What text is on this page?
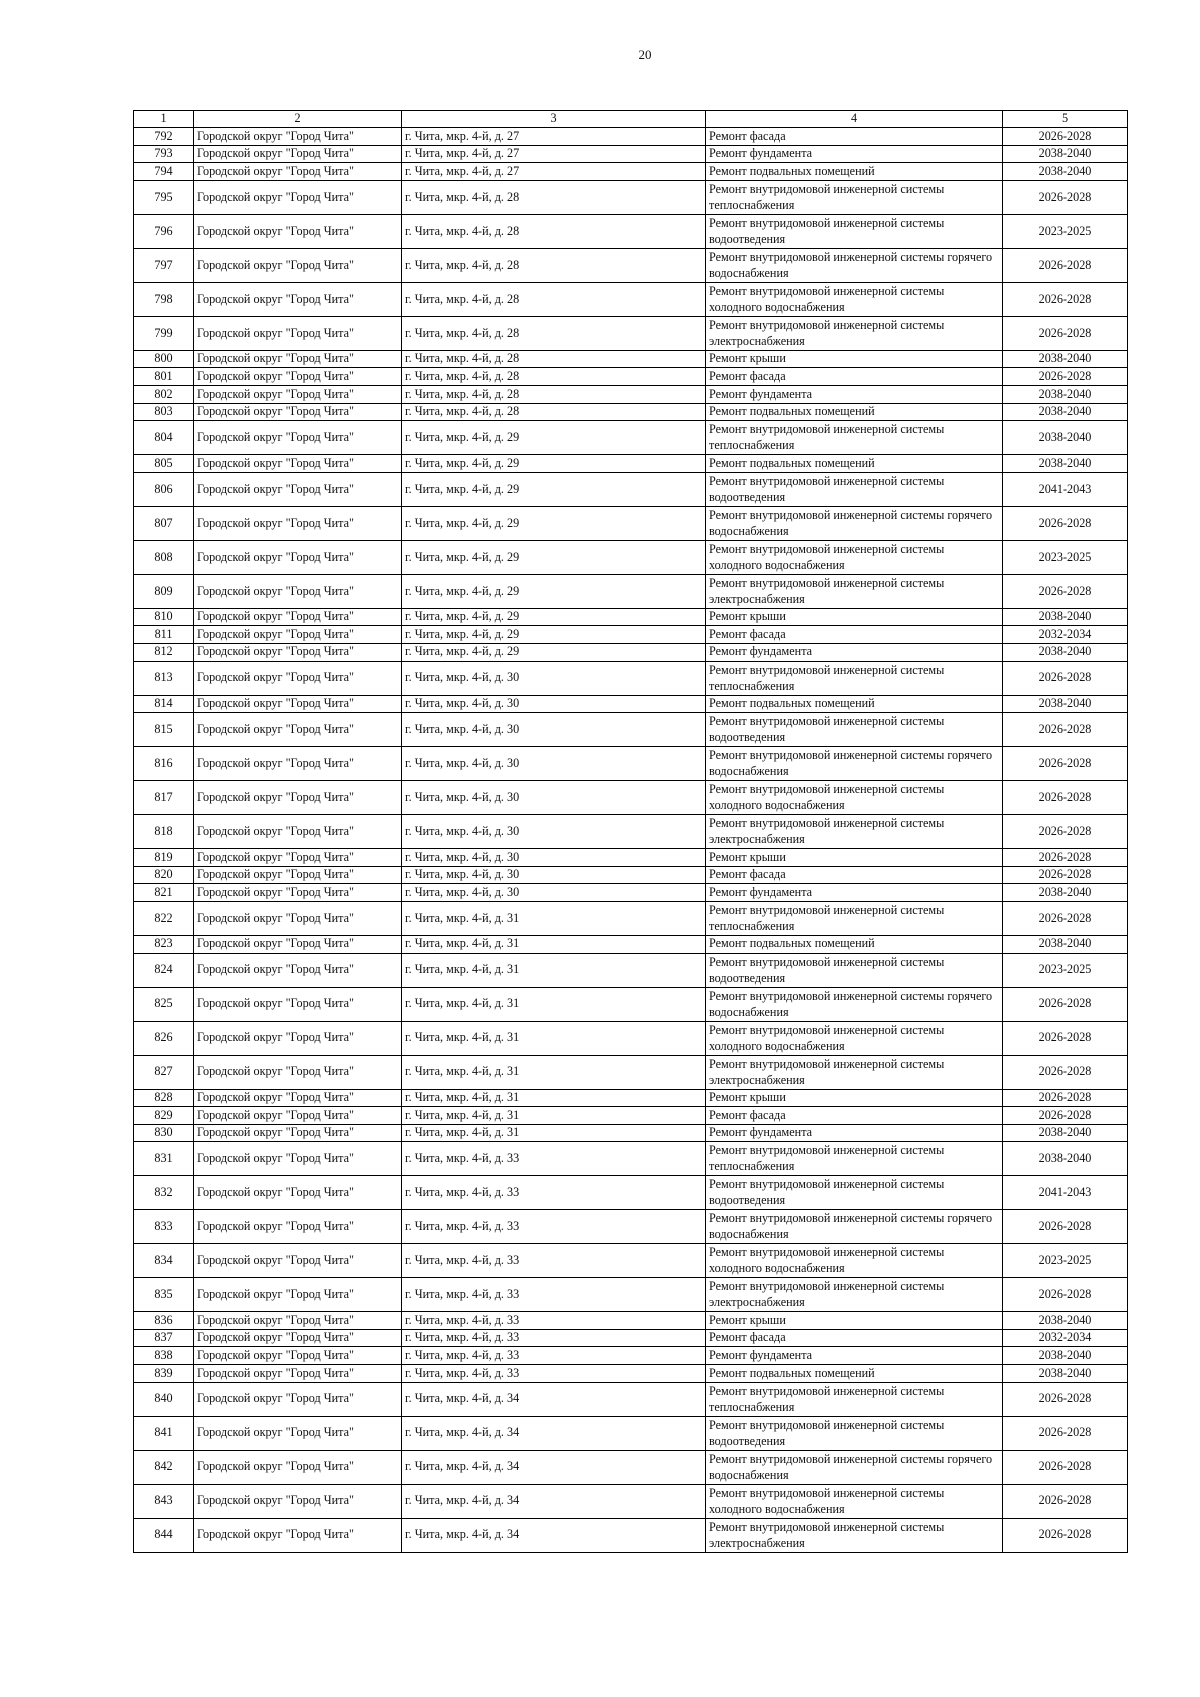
20
1	2	3	4	5
792	Городской округ "Город Чита"	г. Чита, мкр. 4-й, д. 27	Ремонт фасада	2026-2028
793	Городской округ "Город Чита"	г. Чита, мкр. 4-й, д. 27	Ремонт фундамента	2038-2040
794	Городской округ "Город Чита"	г. Чита, мкр. 4-й, д. 27	Ремонт подвальных помещений	2038-2040
795	Городской округ "Город Чита"	г. Чита, мкр. 4-й, д. 28	Ремонт внутридомовой инженерной системы теплоснабжения	2026-2028
796	Городской округ "Город Чита"	г. Чита, мкр. 4-й, д. 28	Ремонт внутридомовой инженерной системы водоотведения	2023-2025
797	Городской округ "Город Чита"	г. Чита, мкр. 4-й, д. 28	Ремонт внутридомовой инженерной системы горячего водоснабжения	2026-2028
798	Городской округ "Город Чита"	г. Чита, мкр. 4-й, д. 28	Ремонт внутридомовой инженерной системы холодного водоснабжения	2026-2028
799	Городской округ "Город Чита"	г. Чита, мкр. 4-й, д. 28	Ремонт внутридомовой инженерной системы электроснабжения	2026-2028
800	Городской округ "Город Чита"	г. Чита, мкр. 4-й, д. 28	Ремонт крыши	2038-2040
801	Городской округ "Город Чита"	г. Чита, мкр. 4-й, д. 28	Ремонт фасада	2026-2028
802	Городской округ "Город Чита"	г. Чита, мкр. 4-й, д. 28	Ремонт фундамента	2038-2040
803	Городской округ "Город Чита"	г. Чита, мкр. 4-й, д. 28	Ремонт подвальных помещений	2038-2040
804	Городской округ "Город Чита"	г. Чита, мкр. 4-й, д. 29	Ремонт внутридомовой инженерной системы теплоснабжения	2038-2040
805	Городской округ "Город Чита"	г. Чита, мкр. 4-й, д. 29	Ремонт подвальных помещений	2038-2040
806	Городской округ "Город Чита"	г. Чита, мкр. 4-й, д. 29	Ремонт внутридомовой инженерной системы водоотведения	2041-2043
807	Городской округ "Город Чита"	г. Чита, мкр. 4-й, д. 29	Ремонт внутридомовой инженерной системы горячего водоснабжения	2026-2028
808	Городской округ "Город Чита"	г. Чита, мкр. 4-й, д. 29	Ремонт внутридомовой инженерной системы холодного водоснабжения	2023-2025
809	Городской округ "Город Чита"	г. Чита, мкр. 4-й, д. 29	Ремонт внутридомовой инженерной системы электроснабжения	2026-2028
810	Городской округ "Город Чита"	г. Чита, мкр. 4-й, д. 29	Ремонт крыши	2038-2040
811	Городской округ "Город Чита"	г. Чита, мкр. 4-й, д. 29	Ремонт фасада	2032-2034
812	Городской округ "Город Чита"	г. Чита, мкр. 4-й, д. 29	Ремонт фундамента	2038-2040
813	Городской округ "Город Чита"	г. Чита, мкр. 4-й, д. 30	Ремонт внутридомовой инженерной системы теплоснабжения	2026-2028
814	Городской округ "Город Чита"	г. Чита, мкр. 4-й, д. 30	Ремонт подвальных помещений	2038-2040
815	Городской округ "Город Чита"	г. Чита, мкр. 4-й, д. 30	Ремонт внутридомовой инженерной системы водоотведения	2026-2028
816	Городской округ "Город Чита"	г. Чита, мкр. 4-й, д. 30	Ремонт внутридомовой инженерной системы горячего водоснабжения	2026-2028
817	Городской округ "Город Чита"	г. Чита, мкр. 4-й, д. 30	Ремонт внутридомовой инженерной системы холодного водоснабжения	2026-2028
818	Городской округ "Город Чита"	г. Чита, мкр. 4-й, д. 30	Ремонт внутридомовой инженерной системы электроснабжения	2026-2028
819	Городской округ "Город Чита"	г. Чита, мкр. 4-й, д. 30	Ремонт крыши	2026-2028
820	Городской округ "Город Чита"	г. Чита, мкр. 4-й, д. 30	Ремонт фасада	2026-2028
821	Городской округ "Город Чита"	г. Чита, мкр. 4-й, д. 30	Ремонт фундамента	2038-2040
822	Городской округ "Город Чита"	г. Чита, мкр. 4-й, д. 31	Ремонт внутридомовой инженерной системы теплоснабжения	2026-2028
823	Городской округ "Город Чита"	г. Чита, мкр. 4-й, д. 31	Ремонт подвальных помещений	2038-2040
824	Городской округ "Город Чита"	г. Чита, мкр. 4-й, д. 31	Ремонт внутридомовой инженерной системы водоотведения	2023-2025
825	Городской округ "Город Чита"	г. Чита, мкр. 4-й, д. 31	Ремонт внутридомовой инженерной системы горячего водоснабжения	2026-2028
826	Городской округ "Город Чита"	г. Чита, мкр. 4-й, д. 31	Ремонт внутридомовой инженерной системы холодного водоснабжения	2026-2028
827	Городской округ "Город Чита"	г. Чита, мкр. 4-й, д. 31	Ремонт внутридомовой инженерной системы электроснабжения	2026-2028
828	Городской округ "Город Чита"	г. Чита, мкр. 4-й, д. 31	Ремонт крыши	2026-2028
829	Городской округ "Город Чита"	г. Чита, мкр. 4-й, д. 31	Ремонт фасада	2026-2028
830	Городской округ "Город Чита"	г. Чита, мкр. 4-й, д. 31	Ремонт фундамента	2038-2040
831	Городской округ "Город Чита"	г. Чита, мкр. 4-й, д. 33	Ремонт внутридомовой инженерной системы теплоснабжения	2038-2040
832	Городской округ "Город Чита"	г. Чита, мкр. 4-й, д. 33	Ремонт внутридомовой инженерной системы водоотведения	2041-2043
833	Городской округ "Город Чита"	г. Чита, мкр. 4-й, д. 33	Ремонт внутридомовой инженерной системы горячего водоснабжения	2026-2028
834	Городской округ "Город Чита"	г. Чита, мкр. 4-й, д. 33	Ремонт внутридомовой инженерной системы холодного водоснабжения	2023-2025
835	Городской округ "Город Чита"	г. Чита, мкр. 4-й, д. 33	Ремонт внутридомовой инженерной системы электроснабжения	2026-2028
836	Городской округ "Город Чита"	г. Чита, мкр. 4-й, д. 33	Ремонт крыши	2038-2040
837	Городской округ "Город Чита"	г. Чита, мкр. 4-й, д. 33	Ремонт фасада	2032-2034
838	Городской округ "Город Чита"	г. Чита, мкр. 4-й, д. 33	Ремонт фундамента	2038-2040
839	Городской округ "Город Чита"	г. Чита, мкр. 4-й, д. 33	Ремонт подвальных помещений	2038-2040
840	Городской округ "Город Чита"	г. Чита, мкр. 4-й, д. 34	Ремонт внутридомовой инженерной системы теплоснабжения	2026-2028
841	Городской округ "Город Чита"	г. Чита, мкр. 4-й, д. 34	Ремонт внутридомовой инженерной системы водоотведения	2026-2028
842	Городской округ "Город Чита"	г. Чита, мкр. 4-й, д. 34	Ремонт внутридомовой инженерной системы горячего водоснабжения	2026-2028
843	Городской округ "Город Чита"	г. Чита, мкр. 4-й, д. 34	Ремонт внутридомовой инженерной системы холодного водоснабжения	2026-2028
844	Городской округ "Город Чита"	г. Чита, мкр. 4-й, д. 34	Ремонт внутридомовой инженерной системы электроснабжения	2026-2028
